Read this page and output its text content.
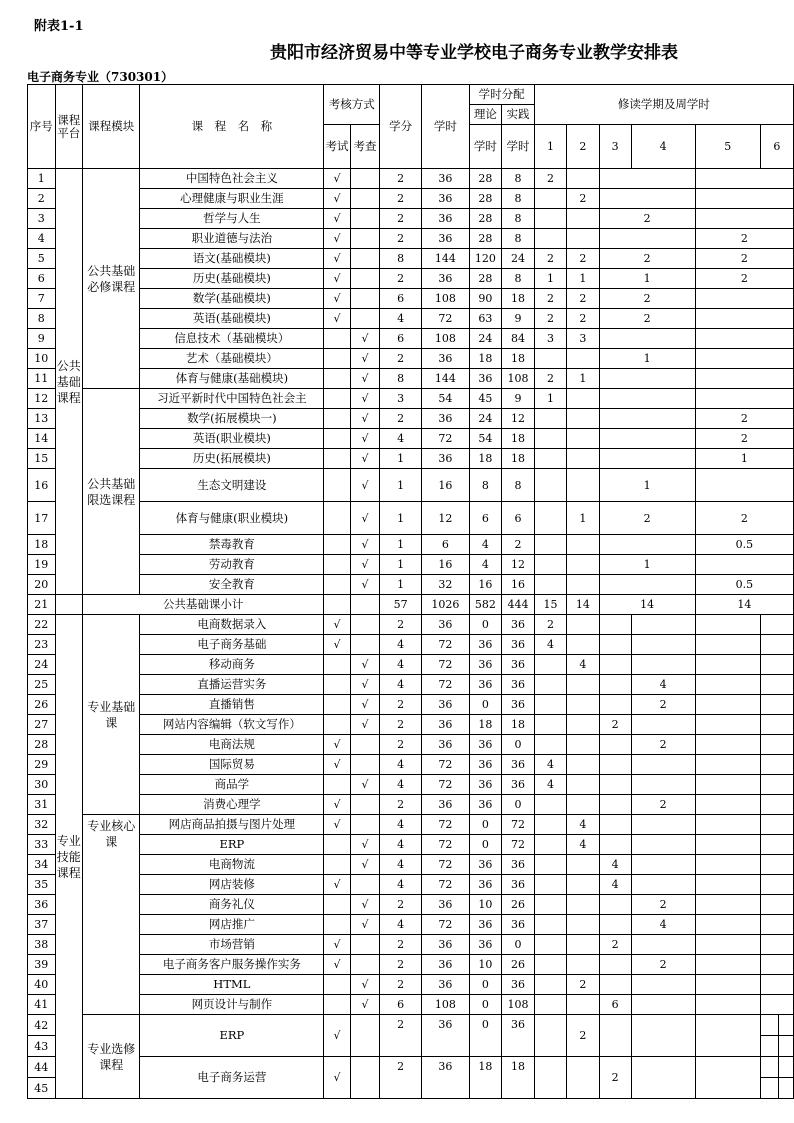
附表1-1
贵阳市经济贸易中等专业学校电子商务专业教学安排表
电子商务专业（730301）
序号	课程平台	课程模块	课　程　名　称	考核方式		学分	学时	学时分配		修读学期及周学时						
								理论	实践							
				考试	考查			学时	学时	1	2	3	4	5	6	

1	公共基础课程	公共基础必修课程	中国特色社会主义	√		2	36	28	8	2						
2			心理健康与职业生涯	√		2	36	28	8		2					
3			哲学与人生	√		2	36	28	8			2				
4			职业道德与法治	√		2	36	28	8					2		
5			语文(基础模块)	√		8	144	120	24	2	2	2		2		
6			历史(基础模块)	√		2	36	28	8	1	1	1		2		
7			数学(基础模块)	√		6	108	90	18	2	2	2				
8			英语(基础模块)	√		4	72	63	9	2	2	2				
9			信息技术（基础模块）		√	6	108	24	84	3	3					
10			艺术（基础模块）		√	2	36	18	18			1				
11			体育与健康(基础模块)		√	8	144	36	108	2	1					
12		公共基础限选课程	习近平新时代中国特色社会主		√	3	54	45	9	1						
13			数学(拓展模块一)		√	2	36	24	12					2		
14			英语(职业模块)		√	4	72	54	18					2		
15			历史(拓展模块)		√	1	36	18	18					1		
16			生态文明建设		√	1	16	8	8			1				
17			体育与健康(职业模块)		√	1	12	6	6		1	2		2		
18			禁毒教育		√	1	6	4	2					0.5		
19			劳动教育		√	1	16	4	12			1				
20			安全教育		√	1	32	16	16					0.5		
21		公共基础课小计				57	1026	582	444	15	14	14		14		
22	专业技能课程	专业基础课	电商数据录入	√		2	36	0	36	2						
23			电子商务基础	√		4	72	36	36	4						
24			移动商务		√	4	72	36	36		4					
25			直播运营实务		√	4	72	36	36				4			
26			直播销售		√	2	36	0	36				2			
27			网站内容编辑（软文写作）		√	2	36	18	18			2				
28			电商法规	√		2	36	36	0				2			
29			国际贸易	√		4	72	36	36	4						
30			商品学		√	4	72	36	36	4						
31			消费心理学	√		2	36	36	0				2			
32		专业核心课	网店商品拍摄与图片处理	√		4	72	0	72		4					
33			ERP		√	4	72	0	72		4					
34			电商物流		√	4	72	36	36			4				
35			网店装修	√		4	72	36	36			4				
36			商务礼仪		√	2	36	10	26				2			
37			网店推广		√	4	72	36	36				4			
38			市场营销	√		2	36	36	0			2				
39			电子商务客户服务操作实务	√		2	36	10	26				2			
40			HTML		√	2	36	0	36		2					
41			网页设计与制作		√	6	108	0	108			6				
42		专业选修课程	ERP	√		2	36	0	36		2					
43																
44			电子商务运营	√		2	36	18	18			2				
45																
